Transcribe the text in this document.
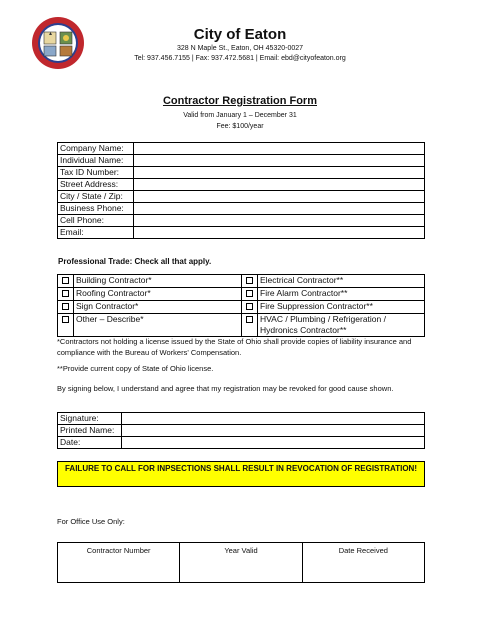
City of Eaton
328 N Maple St., Eaton, OH 45320-0027
Tel: 937.456.7155 | Fax: 937.472.5681 | Email: ebd@cityofeaton.org
Contractor Registration Form
Valid from January 1 – December 31
Fee: $100/year
Company Name:	
Individual Name:	
Tax ID Number:	
Street Address:	
City / State / Zip:	
Business Phone:	
Cell Phone:	
Email:	
Professional Trade: Check all that apply.
	Building Contractor*		Electrical Contractor**
	Roofing Contractor*		Fire Alarm Contractor**
	Sign Contractor*		Fire Suppression Contractor**
	Other – Describe*		HVAC / Plumbing / Refrigeration / Hydronics Contractor**
*Contractors not holding a license issued by the State of Ohio shall provide copies of liability insurance and compliance with the Bureau of Workers' Compensation.
**Provide current copy of State of Ohio license.
By signing below, I understand and agree that my registration may be revoked for good cause shown.
Signature:	
Printed Name:	
Date:	
FAILURE TO CALL FOR INPSECTIONS SHALL RESULT IN REVOCATION OF REGISTRATION!
For Office Use Only:
Contractor Number	Year Valid	Date Received
